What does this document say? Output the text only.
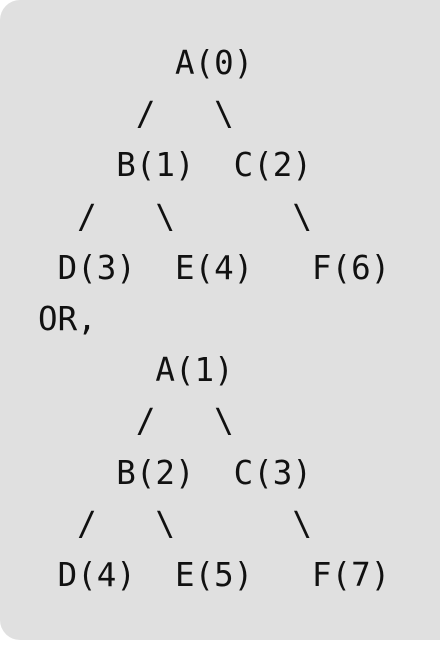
A(0)
/   \
B(1)  C(2)
/   \      \
D(3)  E(4)   F(6)
OR,
A(1)
/   \
B(2)  C(3)
/   \      \
D(4)  E(5)   F(7)
